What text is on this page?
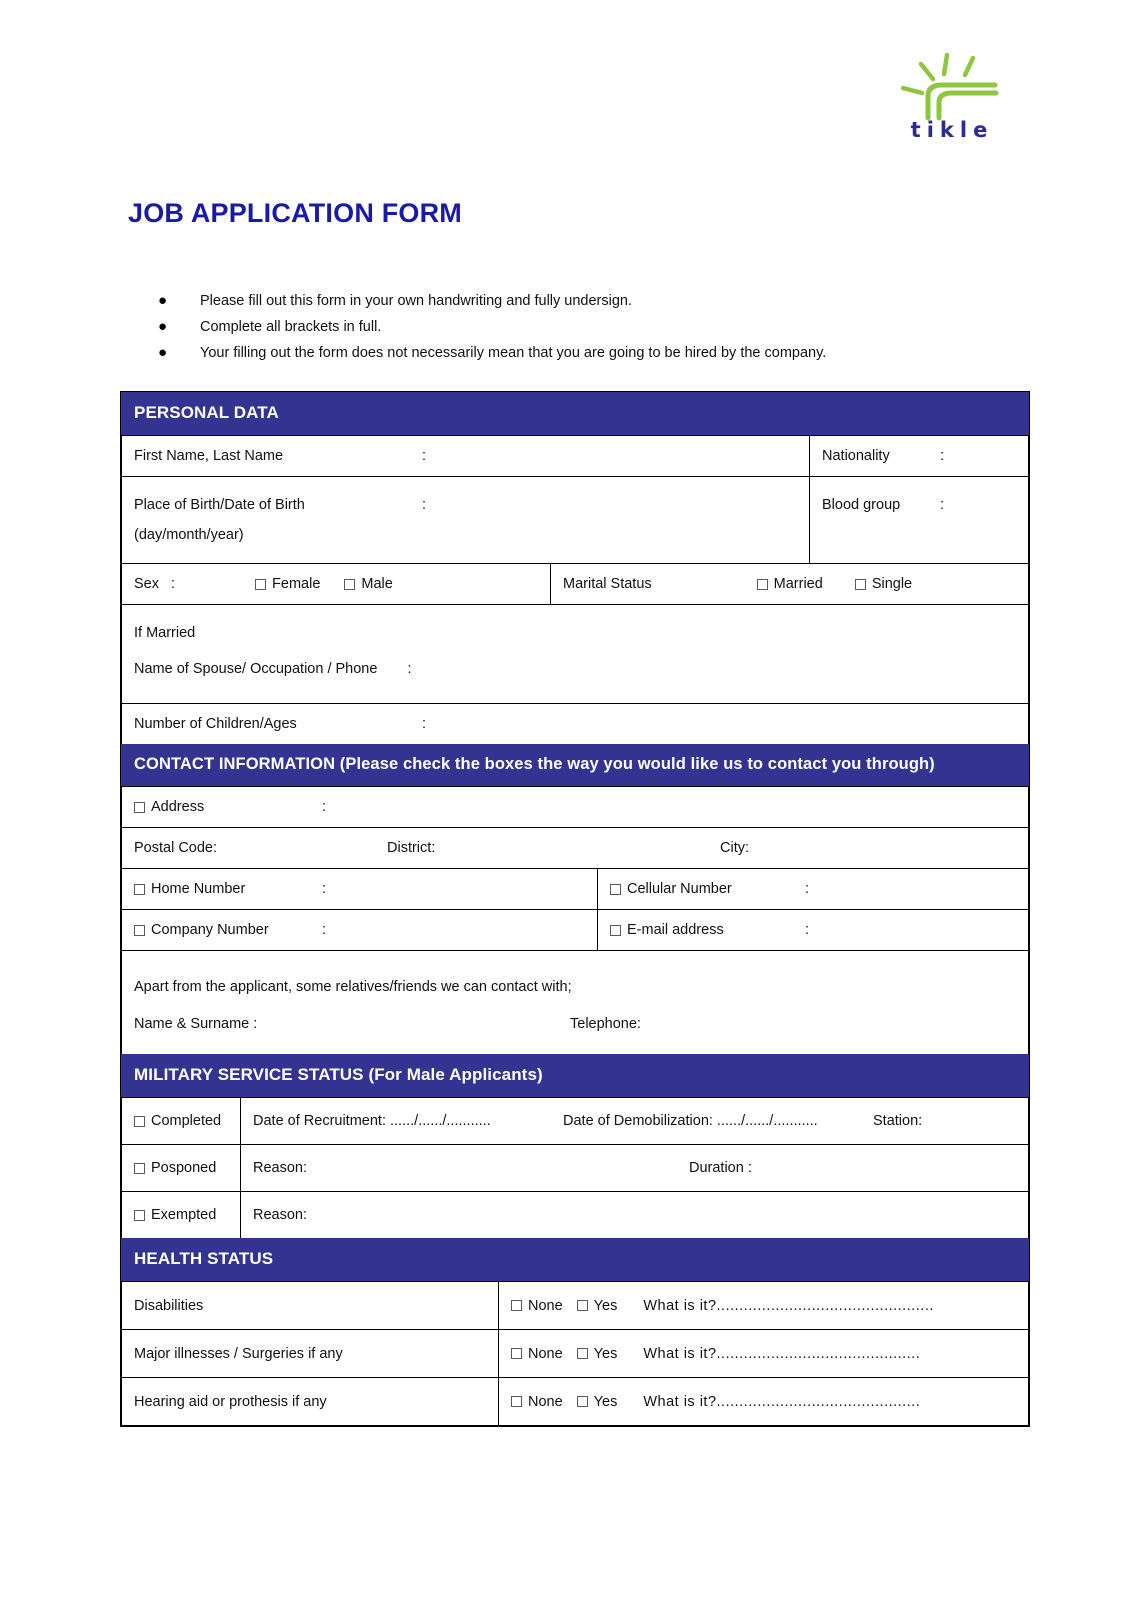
tikle
JOB APPLICATION FORM
●	Please fill out this form in your own handwriting and fully undersign.
●	Complete all brackets in full.
●	Your filling out the form does not necessarily mean that you are going to be hired by the company.
PERSONAL DATA
First Name, Last Name	:	Nationality	:
Place of Birth/Date of Birth	:
(day/month/year)
Blood group	:
Sex :	Female	Male	Marital Status	Married	Single
If Married
Name of Spouse/ Occupation / Phone :
Number of Children/Ages	:
CONTACT INFORMATION (Please check the boxes the way you would like us to contact you through)
Address	:
Postal Code:	District:	City:
Home Number	:	Cellular Number	:
Company Number	:	E-mail address	:
Apart from the applicant, some relatives/friends we can contact with;
Name & Surname :	Telephone:
MILITARY SERVICE STATUS (For Male Applicants)
Completed Date of Recruitment: ....../....../...........	Date of Demobilization: ....../....../...........	Station:
Posponed	Reason:	Duration :
Exempted	Reason:
HEALTH STATUS
Disabilities	None Yes What is it?................................................
Major illnesses / Surgeries if any	None Yes What is it?.............................................
Hearing aid or prothesis if any	None Yes What is it?.............................................
